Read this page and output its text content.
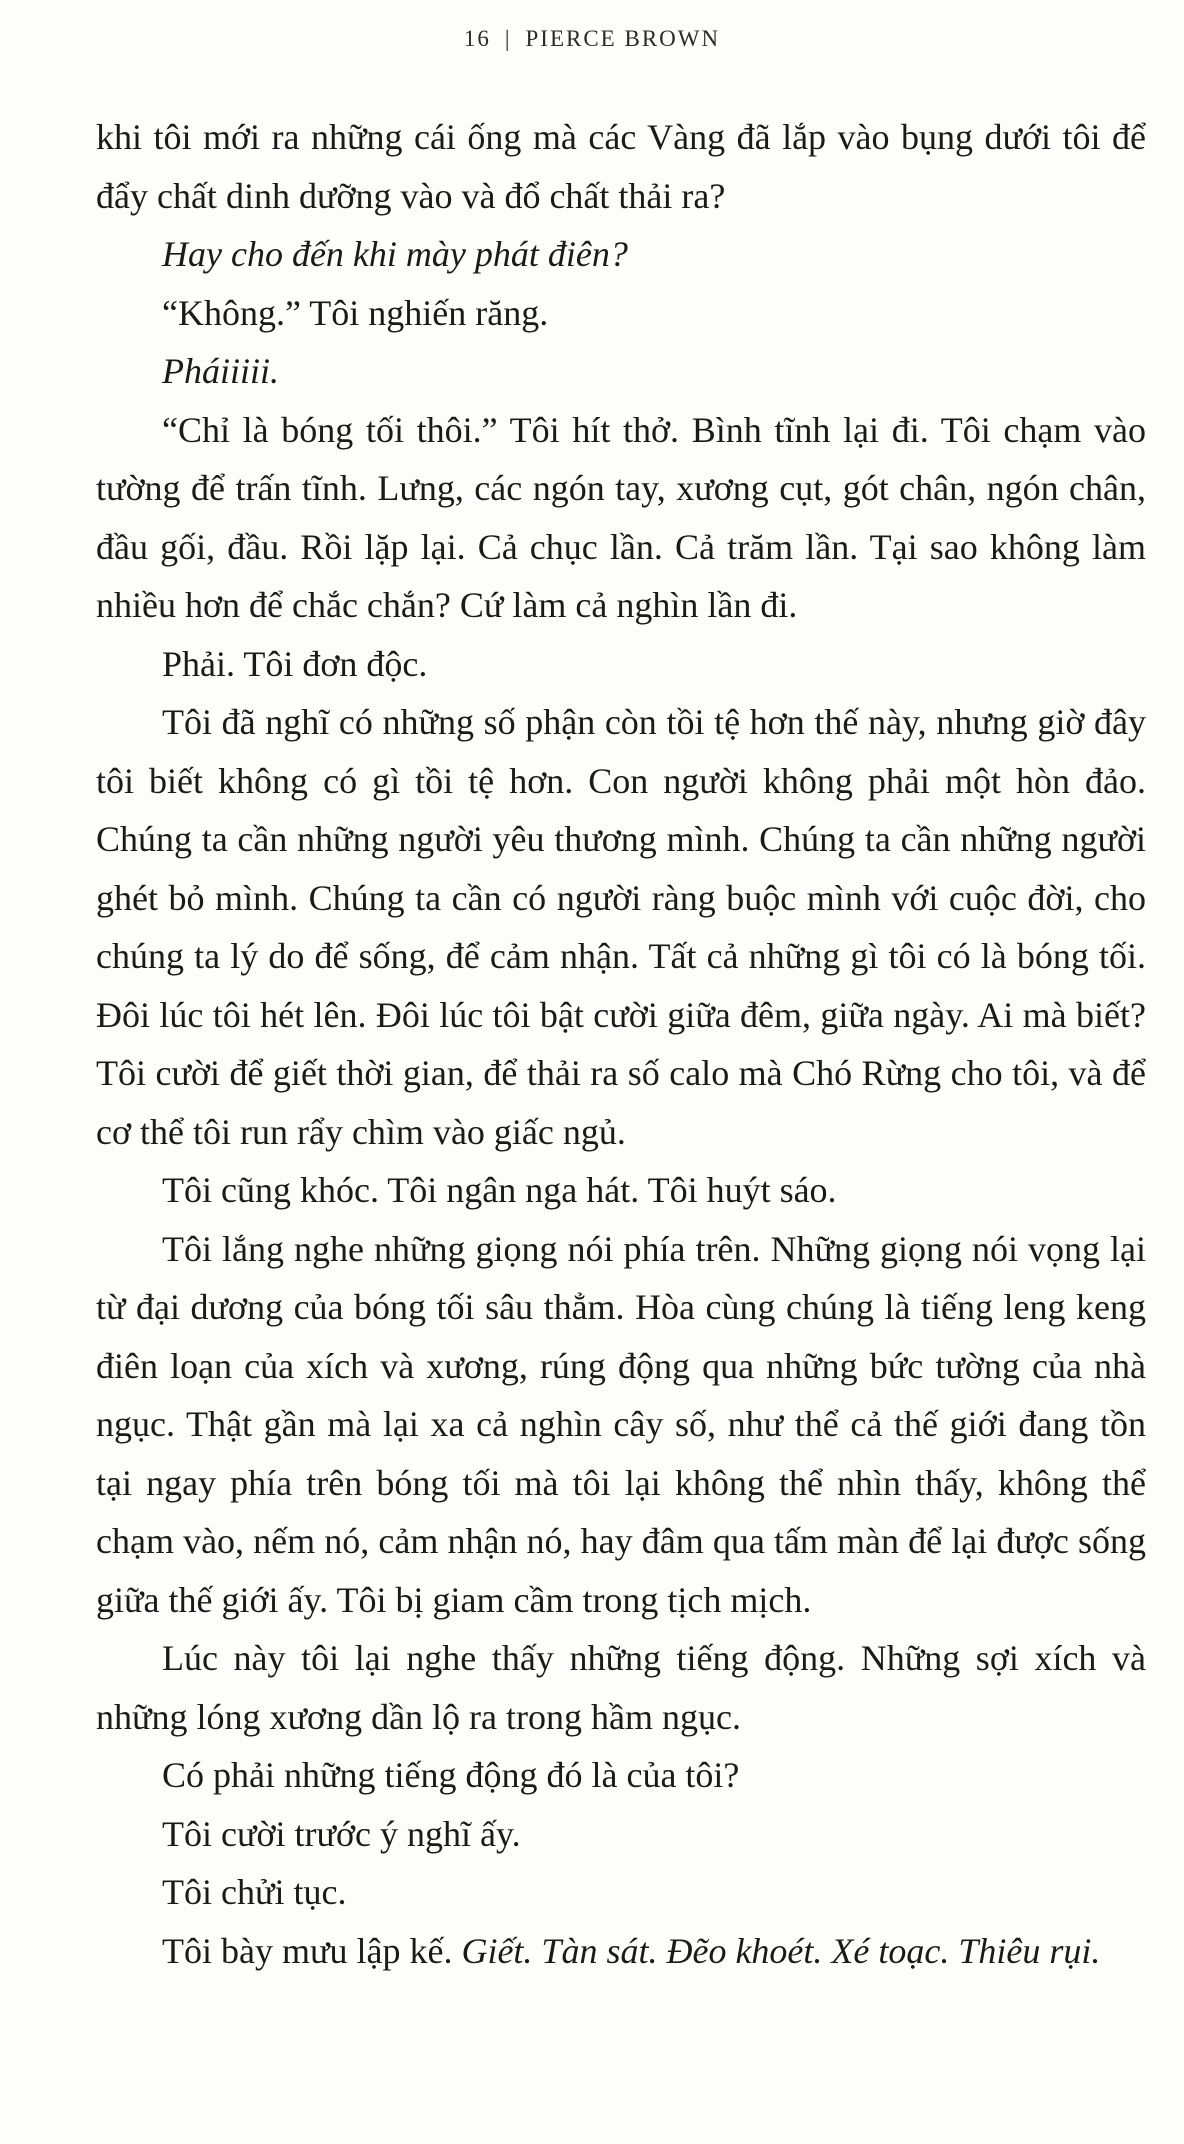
16 | PIERCE BROWN

khi tôi mới ra những cái ống mà các Vàng đã lắp vào bụng dưới tôi để đẩy chất dinh dưỡng vào và đổ chất thải ra?

Hay cho đến khi mày phát điên?

“Không.” Tôi nghiến răng.

Pháiiiii.

“Chỉ là bóng tối thôi.” Tôi hít thở. Bình tĩnh lại đi. Tôi chạm vào tường để trấn tĩnh. Lưng, các ngón tay, xương cụt, gót chân, ngón chân, đầu gối, đầu. Rồi lặp lại. Cả chục lần. Cả trăm lần. Tại sao không làm nhiều hơn để chắc chắn? Cứ làm cả nghìn lần đi.

Phải. Tôi đơn độc.

Tôi đã nghĩ có những số phận còn tồi tệ hơn thế này, nhưng giờ đây tôi biết không có gì tồi tệ hơn. Con người không phải một hòn đảo. Chúng ta cần những người yêu thương mình. Chúng ta cần những người ghét bỏ mình. Chúng ta cần có người ràng buộc mình với cuộc đời, cho chúng ta lý do để sống, để cảm nhận. Tất cả những gì tôi có là bóng tối. Đôi lúc tôi hét lên. Đôi lúc tôi bật cười giữa đêm, giữa ngày. Ai mà biết? Tôi cười để giết thời gian, để thải ra số calo mà Chó Rừng cho tôi, và để cơ thể tôi run rẩy chìm vào giấc ngủ.

Tôi cũng khóc. Tôi ngân nga hát. Tôi huýt sáo.

Tôi lắng nghe những giọng nói phía trên. Những giọng nói vọng lại từ đại dương của bóng tối sâu thẳm. Hòa cùng chúng là tiếng leng keng điên loạn của xích và xương, rúng động qua những bức tường của nhà ngục. Thật gần mà lại xa cả nghìn cây số, như thể cả thế giới đang tồn tại ngay phía trên bóng tối mà tôi lại không thể nhìn thấy, không thể chạm vào, nếm nó, cảm nhận nó, hay đâm qua tấm màn để lại được sống giữa thế giới ấy. Tôi bị giam cầm trong tịch mịch.

Lúc này tôi lại nghe thấy những tiếng động. Những sợi xích và những lóng xương dần lộ ra trong hầm ngục.

Có phải những tiếng động đó là của tôi?

Tôi cười trước ý nghĩ ấy.

Tôi chửi tục.

Tôi bày mưu lập kế. Giết. Tàn sát. Đẽo khoét. Xé toạc. Thiêu rụi.
